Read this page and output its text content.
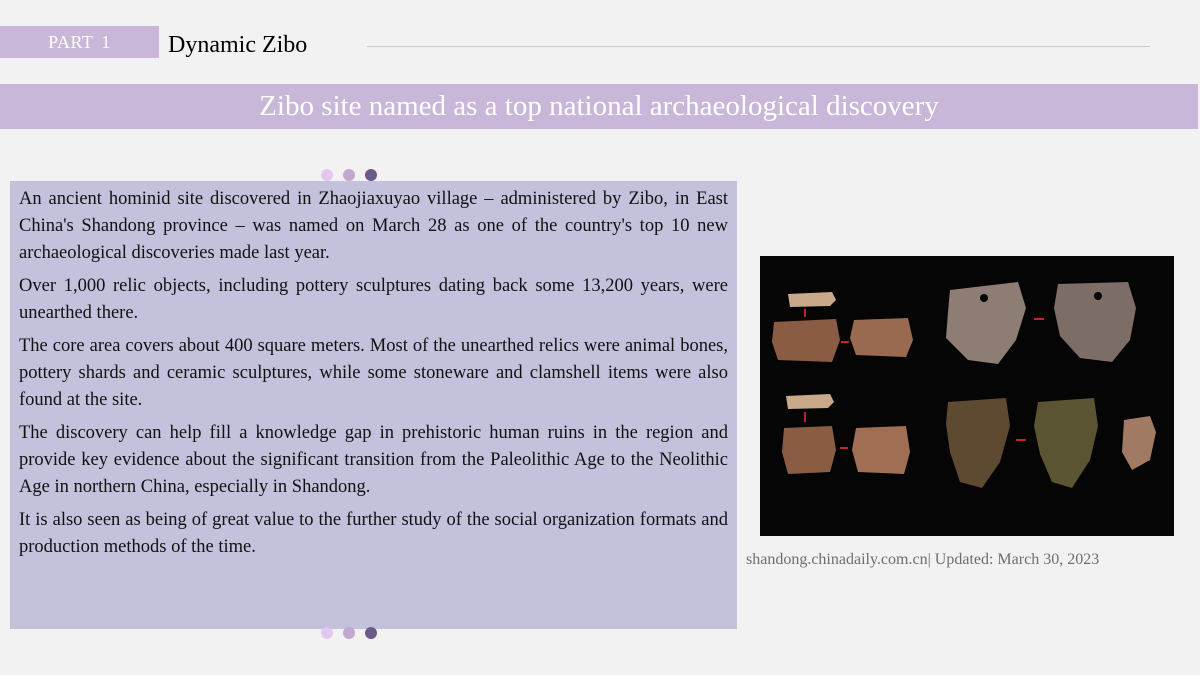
PART 1	Dynamic Zibo
Zibo site named as a top national archaeological discovery

An ancient hominid site discovered in Zhaojiaxuyao village – administered by Zibo, in East China's Shandong province – was named on March 28 as one of the country's top 10 new archaeological discoveries made last year.

Over 1,000 relic objects, including pottery sculptures dating back some 13,200 years, were unearthed there.

The core area covers about 400 square meters. Most of the unearthed relics were animal bones, pottery shards and ceramic sculptures, while some stoneware and clamshell items were also found at the site.

The discovery can help fill a knowledge gap in prehistoric human ruins in the region and provide key evidence about the significant transition from the Paleolithic Age to the Neolithic Age in northern China, especially in Shandong.

It is also seen as being of great value to the further study of the social organization formats and production methods of the time.

shandong.chinadaily.com.cn| Updated: March 30, 2023
